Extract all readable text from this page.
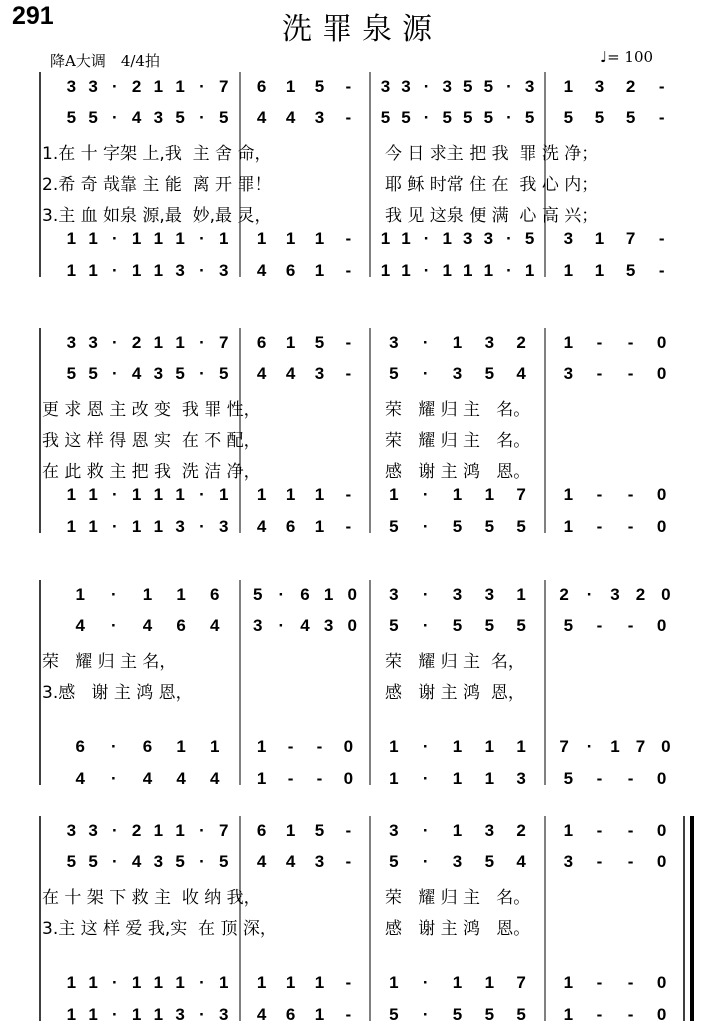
291	洗罪泉源
降A大调　4/4拍	♩= 100
3 3 · 2 1 1 · 7 6 1 5 - 3 3 · 3 5 5 · 3 1 3 2 -
5 5 · 4 3 5 · 5 4 4 3 - 5 5 · 5 5 5 · 5 5 5 5 -
1 1 · 1 1 1 · 1 1 1 1 - 1 1 · 1 3 3 · 5 3 1 7 -
1 1 · 1 1 3 · 3 4 6 1 - 1 1 · 1 1 1 · 1 1 1 5 -
1.在 十 字架 上,我  主 舍 命，	今 日 求主 把 我  罪 洗 净；
2.希 奇 哉靠 主 能  离 开 罪！	耶 稣 时常 住 在  我 心 内；
3.主 血 如泉 源,最  妙,最 灵，	我 见 这泉 便 满  心 高 兴；
3 3 · 2 1 1 · 7 6 1 5 - 3 · 1 3 2 1 - - 0
5 5 · 4 3 5 · 5 4 4 3 - 5 · 3 5 4 3 - - 0
1 1 · 1 1 1 · 1 1 1 1 - 1 · 1 1 7 1 - - 0
1 1 · 1 1 3 · 3 4 6 1 - 5 · 5 5 5 1 - - 0
更 求 恩 主 改 变  我 罪 性，	荣   耀 归 主   名。
我 这 样 得 恩 实  在 不 配，	荣   耀 归 主   名。
在 此 救 主 把 我  洗 洁 净，	感   谢 主 鸿   恩。
1 · 1 1 6 5 · 6 1 0 3 · 3 3 1 2 · 3 2 0
4 · 4 6 4 3 · 4 3 0 5 · 5 5 5 5 - - 0
6 · 6 1 1 1 - - 0 1 · 1 1 1 7 · 1 7 0
4 · 4 4 4 1 - - 0 1 · 1 1 3 5 - - 0
荣   耀 归 主 名，	荣   耀 归 主  名，
3.感   谢 主 鸿 恩，	感   谢 主 鸿  恩，
3 3 · 2 1 1 · 7 6 1 5 - 3 · 1 3 2 1 - - 0
5 5 · 4 3 5 · 5 4 4 3 - 5 · 3 5 4 3 - - 0
1 1 · 1 1 1 · 1 1 1 1 - 1 · 1 1 7 1 - - 0
1 1 · 1 1 3 · 3 4 6 1 - 5 · 5 5 5 1 - - 0
在 十 架 下 救 主  收 纳 我，	荣   耀 归 主   名。
3.主 这 样 爱 我,实  在 顶 深，	感   谢 主 鸿   恩。
